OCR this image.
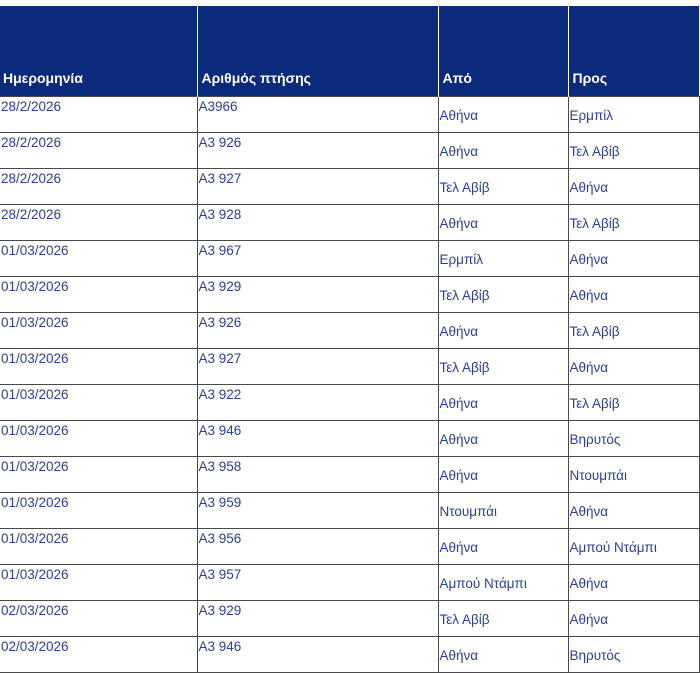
Ημερομηνία	Αριθμός πτήσης	Από	Προς
28/2/2026	A3966	Αθήνα	Ερμπίλ
28/2/2026	A3 926	Αθήνα	Τελ Αβίβ
28/2/2026	A3 927	Τελ Αβίβ	Αθήνα
28/2/2026	A3 928	Αθήνα	Τελ Αβίβ
01/03/2026	A3 967	Ερμπίλ	Αθήνα
01/03/2026	A3 929	Τελ Αβίβ	Αθήνα
01/03/2026	A3 926	Αθήνα	Τελ Αβίβ
01/03/2026	A3 927	Τελ Αβίβ	Αθήνα
01/03/2026	A3 922	Αθήνα	Τελ Αβίβ
01/03/2026	A3 946	Αθήνα	Βηρυτός
01/03/2026	A3 958	Αθήνα	Ντουμπάι
01/03/2026	A3 959	Ντουμπάι	Αθήνα
01/03/2026	A3 956	Αθήνα	Αμπού Ντάμπι
01/03/2026	A3 957	Αμπού Ντάμπι	Αθήνα
02/03/2026	A3 929	Τελ Αβίβ	Αθήνα
02/03/2026	A3 946	Αθήνα	Βηρυτός
